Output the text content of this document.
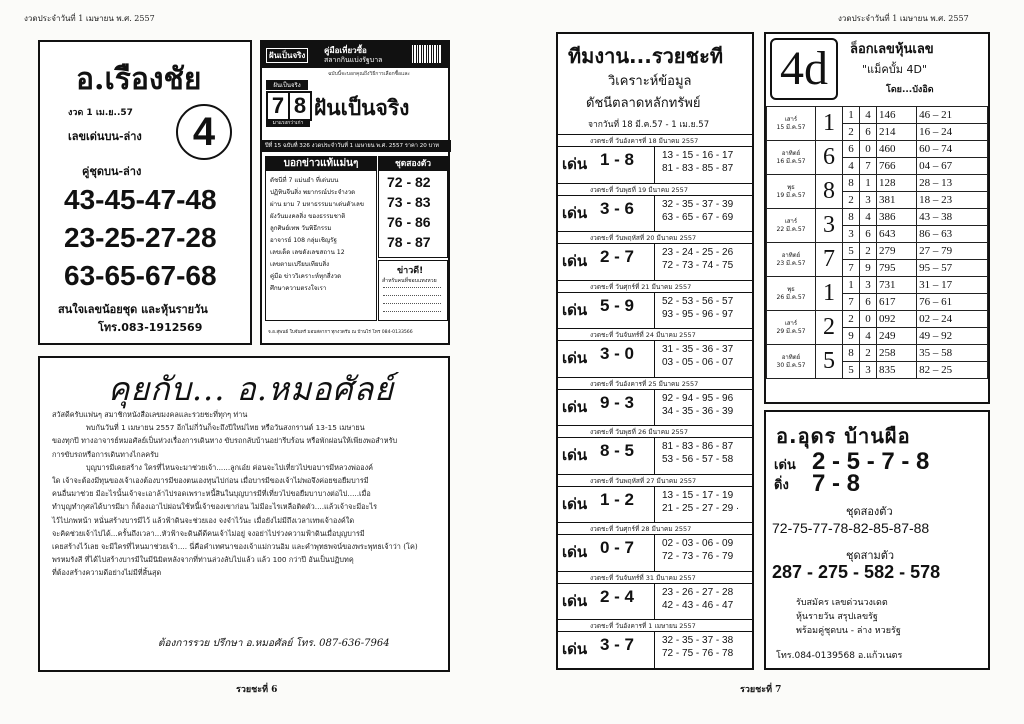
งวดประจำวันที่ 1 เมษายน พ.ศ. 2557
อ.เรืองชัย
งวด 1 เม.ย..57
เลขเด่นบน-ล่าง 4
คู่ชุดบน-ล่าง
43-45-47-48
23-25-27-28
63-65-67-68
สนใจเลขน้อยชุด และหุ้นรายวัน
โทร.083-1912569
ฝันเป็นจริง
คู่มือเที่ยวซื้อ
สลากกินแบ่งรัฐบาล
ฉบับนี้จะบอกคุณถึงวิธีการเลือกซื้อและ
ฝันเป็นจริง
7 8 ฝันเป็นจริง
มาแรงกว่าเก่า
ปีที่ 15 ฉบับที่ 326 งวดประจำวันที่ 1 เมษายน พ.ศ. 2557 ราคา 20 บาท
บอกข่าวแท้แม่นๆ
ดัชนีที่ 7 แม่นยำ ที่เด่นบน
ปฏิทินจีนสิ่ง พยากรณ์ประจำงวด
ผ่าน ยาม 7 มหาธรรมมาเด่นตัวเลข
ผังวันมงคลสิ่ง ของธรรมชาติ
ลูกศิษย์เทพ วันพิธีกรรม
อาจารย์ 108 กลุ่มเชิญรัฐ
เลขเด็ด เลขดังเลขสถาน 12
เลขตามเปรียบเทียบสิ่ง
คู่มือ ข่าววิเคราะห์ทุกสี่งวด
ศึกษาความตรงใจเรา
ชุดสองตัว
72 - 82
73 - 83
76 - 86
78 - 87
ข่าวดี!
สำหรับคนที่ชอบแทงหวย
จ.อ.สุพนธ์ ใบจันทร์ มอบสลากฯ ทุกงวดรับ ณ บ้านไร่ โทร 084-0133566
คุยกับ... อ.หมอศัลย์

สวัสดีครับแฟนๆ สมาชิกหนังสือเลขมงคลและรวยชะที่ทุกๆ ท่าน

พบกันวันที่ 1 เมษายน 2557 อีกไม่กี่วันก็จะถึงปีใหม่ไทย หรือวันสงกรานต์ 13-15 เมษายน

ของทุกปี ทางอาจารย์หมอศัลย์เป็นห่วงเรื่องการเดินทาง ขับรถกลับบ้านอย่ารีบร้อน หรือพักผ่อนให้เพียงพอสำหรับ

การขับรถหรือการเดินทางไกลครับ

บุญบารมีเคยสร้าง ใครที่ไหนจะมาช่วยเจ้า......ลูกเอ๋ย ค่อนจะไปเที่ยวไปขอบารมีหลวงพ่อองค์

ใด เจ้าจะต้องมีทุนของเจ้าเองต้องบารมีของตนเองทุนไปก่อน เมื่อบารมีของเจ้าไม่พอจึงค่อยขอยืมบารมี

คนอื่นมาช่วย มีอะไรนั้นเจ้าจะเอาล้าไปรอดเพราะหนี้สินในบุญบารมีที่เที่ยวไปขอยืมบาบางต่อไป.....เมื่อ

ทำบุญทำกุศลได้บารมีมา ก็ต้องเอาไปผ่อนใช้หนี้เจ้าของเขาก่อน ไม่มีอะไรเหลือติดตัว....แล้วเจ้าจะมีอะไร

ไว้ไปภพหน้า หนั่นสร้างบารมีไว้ แล้วฟ้าดินจะช่วยเอง จงจำไว้นะ เมื่อยังไม่มีถึงเวลาเทพเจ้าองค์ใด

จะคิดช่วยเจ้าไปได้...ครั้นถึงเวลา...หัวฟ้าจะดินดีดีคนเจ้าไม่อยู่ จงอย่าไปร่วงความฟ้าดินเมื่อบุญบารมี

เคยสร้างไว้เลย จะมีใครที่ไหนมาช่วยเจ้า.... นี่คือคำเทศนาของเจ้าแม่กวนอิม และคำพุทธพจน์ของพระพุทธเจ้าว่า (โค)

พรหมรังสี ที่ได้ไปสร้างบารมีในมีนิมิตหลังจากที่ท่านล่วงลับไปแล้ว แล้ว 100 กว่าปี อันเป็นปฏิบทคุ

ที่ต้องสร้างความดีอย่างไม่มีที่สิ้นสุด

ต้องการรวย ปรึกษา อ.หมอศัลย์ โทร. 087-636-7964
รวยชะที่ 6
งวดประจำวันที่ 1 เมษายน พ.ศ. 2557
รวยชะที่ 7
ทีมงาน...รวยชะที
วิเคราะห์ข้อมูล
ดัชนีตลาดหลักทรัพย์
จากวันที่ 18 มี.ค.57 - 1 เม.ย.57
งวดชะที่ วันอังคารที่ 18 มีนาคม 2557
เด่น 1 - 8	13 - 15 - 16 - 17
81 - 83 - 85 - 87
งวดชะที่ วันพุธที่ 19 มีนาคม 2557
เด่น 3 - 6	32 - 35 - 37 - 39
63 - 65 - 67 - 69
งวดชะที่ วันพฤหัสที่ 20 มีนาคม 2557
เด่น 2 - 7	23 - 24 - 25 - 26
72 - 73 - 74 - 75
งวดชะที่ วันศุกร์ที่ 21 มีนาคม 2557
เด่น 5 - 9	52 - 53 - 56 - 57
93 - 95 - 96 - 97
งวดชะที่ วันจันทร์ที่ 24 มีนาคม 2557
เด่น 3 - 0	31 - 35 - 36 - 37
03 - 05 - 06 - 07
งวดชะที่ วันอังคารที่ 25 มีนาคม 2557
เด่น 9 - 3	92 - 94 - 95 - 96
34 - 35 - 36 - 39
งวดชะที่ วันพุธที่ 26 มีนาคม 2557
เด่น 8 - 5	81 - 83 - 86 - 87
53 - 56 - 57 - 58
งวดชะที่ วันพฤหัสที่ 27 มีนาคม 2557
เด่น 1 - 2	13 - 15 - 17 - 19
21 - 25 - 27 - 29 ·
งวดชะที่ วันศุกร์ที่ 28 มีนาคม 2557
เด่น 0 - 7	02 - 03 - 06 - 09
72 - 73 - 76 - 79
งวดชะที่ วันจันทร์ที่ 31 มีนาคม 2557
เด่น 2 - 4	23 - 26 - 27 - 28
42 - 43 - 46 - 47
งวดชะที่ วันอังคารที่ 1 เมษายน 2557
เด่น 3 - 7	32 - 35 - 37 - 38
72 - 75 - 76 - 78
4d	ล็อกเลขหุ้นเลข
"แม็คบั้ม 4D"
โดย...บังอิด
เสาร์
15 มี.ค.57	1	1	4	146	46 – 21
		2	6	214	16 – 24

อาทิตย์
16 มี.ค.57	6	6	0	460	60 – 74
		4	7	766	04 – 67

พุธ
19 มี.ค.57	8	8	1	128	28 – 13
		2	3	381	18 – 23

เสาร์
22 มี.ค.57	3	8	4	386	43 – 38
		3	6	643	86 – 63

อาทิตย์
23 มี.ค.57	7	5	2	279	27 – 79
		7	9	795	95 – 57

พุธ
26 มี.ค.57	1	1	3	731	31 – 17
		7	6	617	76 – 61

เสาร์
29 มี.ค.57	2	2	0	092	02 – 24
		9	4	249	49 – 92

อาทิตย์
30 มี.ค.57	5	8	2	258	35 – 58
		5	3	835	82 – 25
อ.อุดร บ้านผือ
เด่น 2 - 5 - 7 - 8
ดิ่ง 7 - 8
ชุดสองตัว
72-75-77-78-82-85-87-88
ชุดสามตัว
287 - 275 - 582 - 578
รับสมัคร เลขด่วนวงเดต
หุ้นรายวัน สรุปเลขรัฐ
พร้อมคู่ชุดบน - ล่าง หวยรัฐ
โทร.084-0139568 อ.แก้วเนตร
